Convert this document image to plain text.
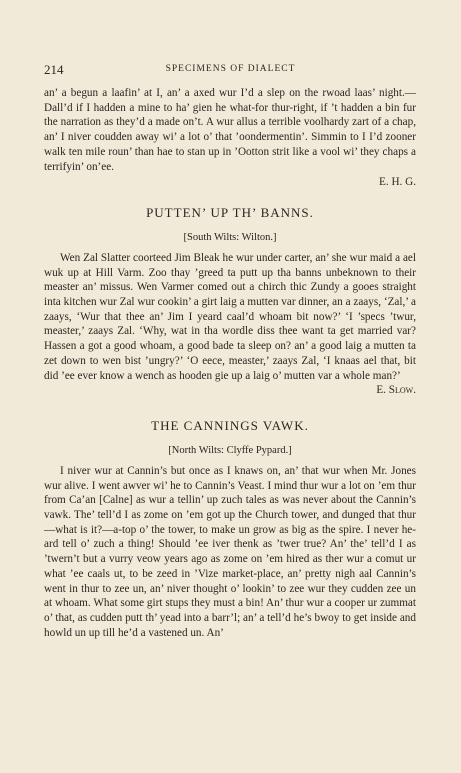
214	SPECIMENS OF DIALECT

an’ a begun a laafin’ at I, an’ a axed wur I’d a slep on the rwoad laas’ night.—Dall’d if I hadden a mine to ha’ gien he what-for thur-right, if ’t hadden a bin fur the narration as they’d a made on’t. A wur allus a terrible voolhardy zart of a chap, an’ I niver coudden away wi’ a lot o’ that ’oondermentin’. Simmin to I I’d zooner walk ten mile roun’ than hae to stan up in ’Ootton strit like a vool wi’ they chaps a terrifyin’ on’ee.

E. H. G.
PUTTEN’ UP TH’ BANNS.
[South Wilts: Wilton.]

Wen Zal Slatter coorteed Jim Bleak he wur under carter, an’ she wur maid a ael wuk up at Hill Varm. Zoo thay ’greed ta putt up tha banns unbeknown to their measter an’ missus. Wen Varmer comed out a chirch thic Zundy a gooes straight inta kitchen wur Zal wur cookin’ a girt laig a mutten var dinner, an a zaays, ‘Zal,’ a zaays, ‘Wur that thee an’ Jim I yeard caal’d whoam bit now?’ ‘I ’specs ’twur, measter,’ zaays Zal. ‘Why, wat in tha wordle diss thee want ta get married var? Hassen a got a good whoam, a good bade ta sleep on? an’ a good laig a mutten ta zet down to wen bist ’ungry?’ ‘O eece, measter,’ zaays Zal, ‘I knaas ael that, bit did ’ee ever know a wench as hooden gie up a laig o’ mutten var a whole man?’

E. Slow.
THE CANNINGS VAWK.
[North Wilts: Clyffe Pypard.]

I niver wur at Cannin’s but once as I knaws on, an’ that wur when Mr. Jones wur alive. I went awver wi’ he to Cannin’s Veast. I mind thur wur a lot on ’em thur from Ca’an [Calne] as wur a tellin’ up zuch tales as was never about the Cannin’s vawk. The’ tell’d I as zome on ’em got up the Church tower, and dunged that thur—what is it?—a-top o’ the tower, to make un grow as big as the spire. I never he-ard tell o’ zuch a thing! Should ’ee iver thenk as ’twer true? An’ the’ tell’d I as ’twern’t but a vurry veow years ago as zome on ’em hired as ther wur a comut ur what ’ee caals ut, to be zeed in ’Vize market-place, an’ pretty nigh aal Cannin’s went in thur to zee un, an’ niver thought o’ lookin’ to zee wur they cudden zee un at whoam. What some girt stups they must a bin! An’ thur wur a cooper ur zummat o’ that, as cudden putt th’ yead into a barr’l; an’ a tell’d he’s bwoy to get inside and howld un up till he’d a vastened un. An’
